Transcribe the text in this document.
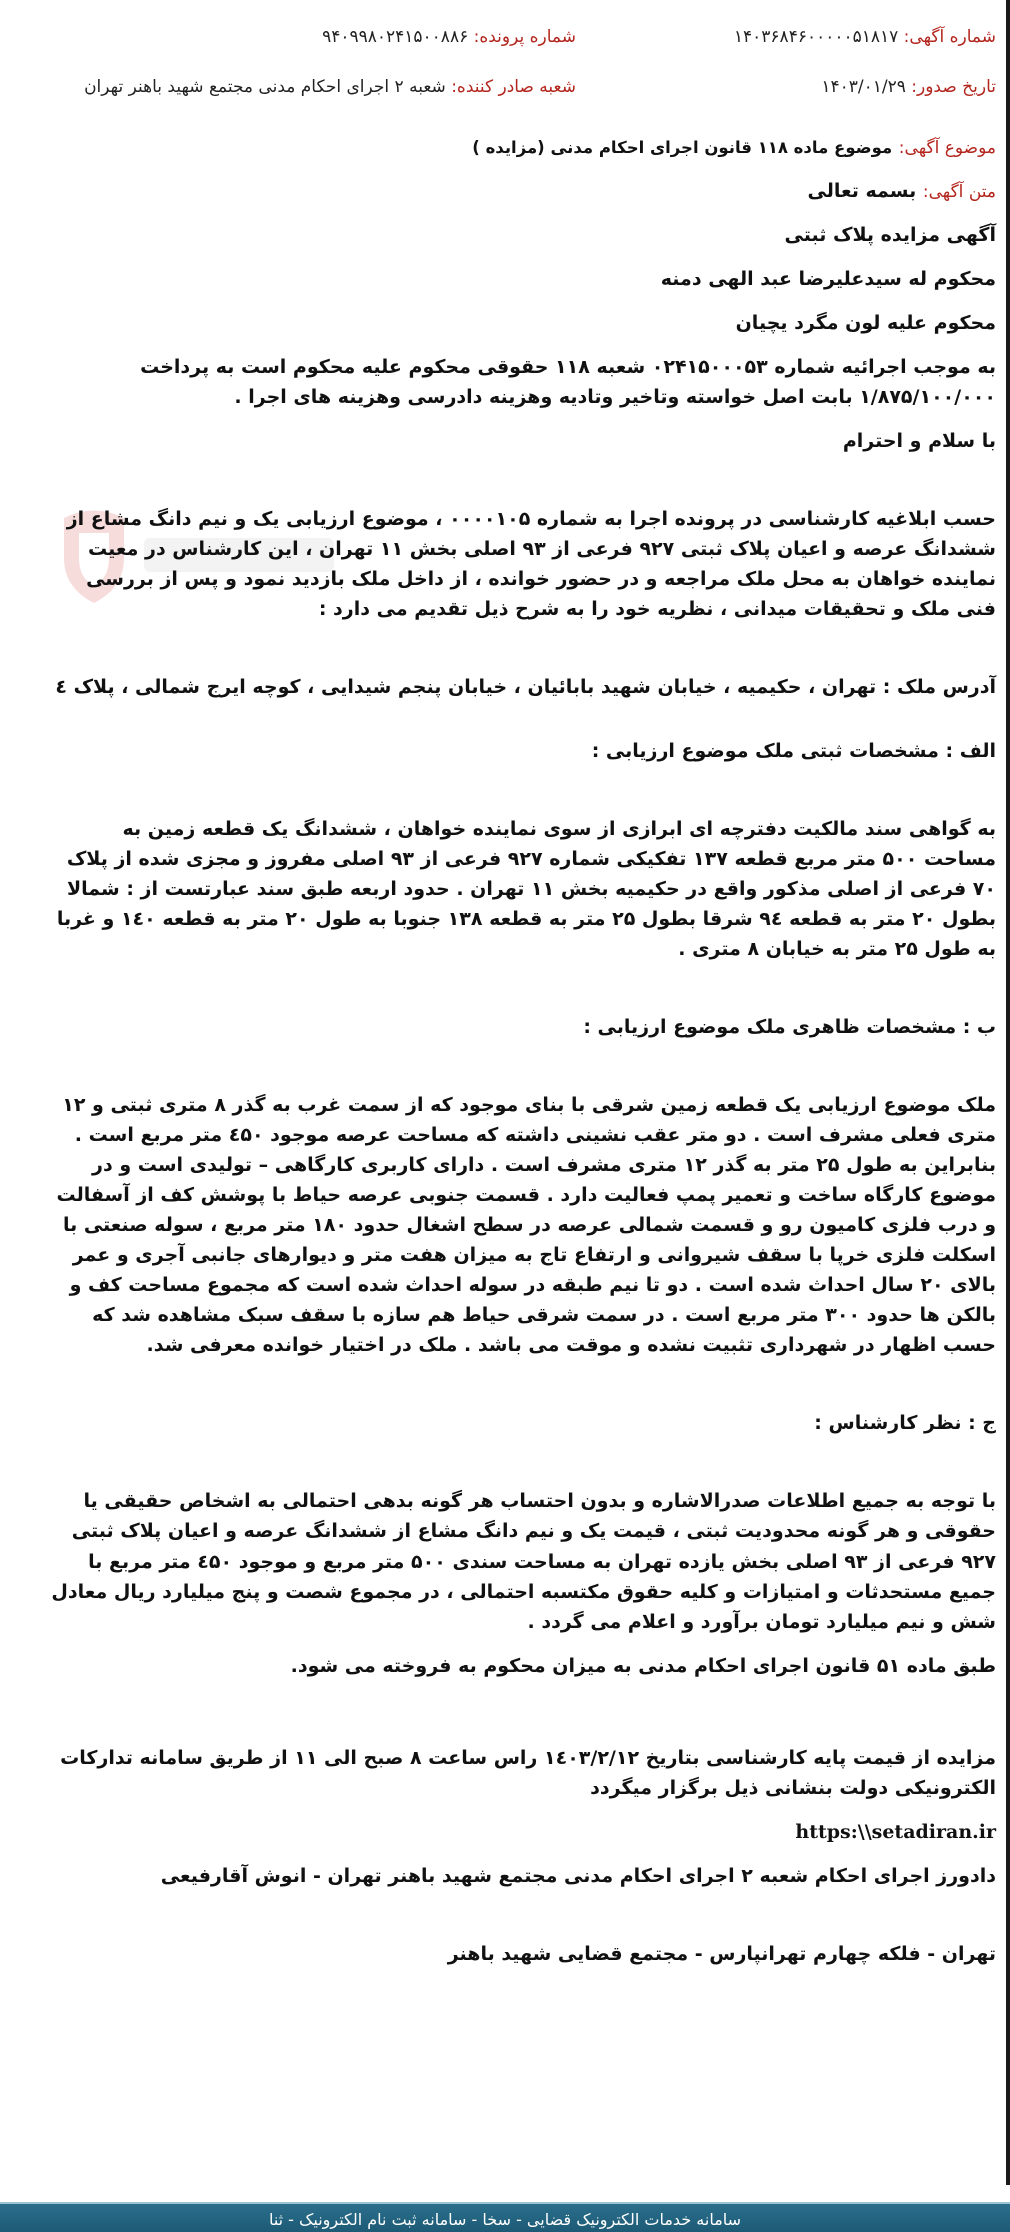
شماره آگهی: ۱۴۰۳۶۸۴۶۰۰۰۰۰۵۱۸۱۷
شماره پرونده: ۹۴۰۹۹۸۰۲۴۱۵۰۰۸۸۶
تاریخ صدور: ۱۴۰۳/۰۱/۲۹
شعبه صادر کننده: شعبه ۲ اجرای احکام مدنی مجتمع شهید باهنر تهران

موضوع آگهی: موضوع ماده ۱۱۸ قانون اجرای احکام مدنی (مزایده )

متن آگهی: بسمه تعالی

آگهی مزایده پلاک ثبتی

محکوم له سیدعلیرضا عبد الهی دمنه

محکوم علیه لون مگرد یچیان

به موجب اجرائیه شماره ۰۲۴۱۵۰۰۰۵۳ شعبه ۱۱۸ حقوقی محکوم علیه محکوم است به پرداخت ۱/۸۷۵/۱۰۰/۰۰۰ بابت اصل خواسته وتاخیر وتادیه وهزینه دادرسی وهزینه های اجرا .

با سلام و احترام

حسب ابلاغیه کارشناسی در پرونده اجرا به شماره ۰۰۰۰۱۰۵ ، موضوع ارزیابی یک و نیم دانگ مشاع از ششدانگ عرصه و اعیان پلاک ثبتی ۹۲۷ فرعی از ۹۳ اصلی بخش ۱۱ تهران ، این کارشناس در معیت نماینده خواهان به محل ملک مراجعه و در حضور خوانده ، از داخل ملک بازدید نمود و پس از بررسی فنی ملک و تحقیقات میدانی ، نظریه خود را به شرح ذیل تقدیم می دارد :

آدرس ملک : تهران ، حکیمیه ، خیابان شهید بابائیان ، خیابان پنجم شیدایی ، کوچه ایرج شمالی ، پلاک ٤

الف : مشخصات ثبتی ملک موضوع ارزیابی :

به گواهی سند مالکیت دفترچه ای ابرازی از سوی نماینده خواهان ، ششدانگ یک قطعه زمین به مساحت ۵۰۰ متر مربع قطعه ۱۳۷ تفکیکی شماره ۹۲۷ فرعی از ۹۳ اصلی مفروز و مجزی شده از پلاک ۷۰ فرعی از اصلی مذکور واقع در حکیمیه بخش ۱۱ تهران . حدود اربعه طبق سند عبارتست از : شمالا بطول ۲۰ متر به قطعه ۹٤ شرقا بطول ۲۵ متر به قطعه ۱۳۸ جنوبا به طول ۲۰ متر به قطعه ۱٤۰ و غربا به طول ۲۵ متر به خیابان ۸ متری .

ب : مشخصات ظاهری ملک موضوع ارزیابی :

ملک موضوع ارزیابی یک قطعه زمین شرقی با بنای موجود که از سمت غرب به گذر ۸ متری ثبتی و ۱۲ متری فعلی مشرف است . دو متر عقب نشینی داشته که مساحت عرصه موجود ٤۵۰ متر مربع است . بنابراین به طول ۲۵ متر به گذر ۱۲ متری مشرف است . دارای کاربری کارگاهی – تولیدی است و در موضوع کارگاه ساخت و تعمیر پمپ فعالیت دارد . قسمت جنوبی عرصه حیاط با پوشش کف از آسفالت و درب فلزی کامیون رو و قسمت شمالی عرصه در سطح اشغال حدود ۱۸۰ متر مربع ، سوله صنعتی با اسکلت فلزی خرپا با سقف شیروانی و ارتفاع تاج به میزان هفت متر و دیوارهای جانبی آجری و عمر بالای ۲۰ سال احداث شده است . دو تا نیم طبقه در سوله احداث شده است که مجموع مساحت کف و بالکن ها حدود ۳۰۰ متر مربع است . در سمت شرقی حیاط هم سازه با سقف سبک مشاهده شد که حسب اظهار در شهرداری تثبیت نشده و موقت می باشد . ملک در اختیار خوانده معرفی شد.

ج : نظر کارشناس :

با توجه به جمیع اطلاعات صدرالاشاره و بدون احتساب هر گونه بدهی احتمالی به اشخاص حقیقی یا حقوقی و هر گونه محدودیت ثبتی ، قیمت یک و نیم دانگ مشاع از ششدانگ عرصه و اعیان پلاک ثبتی ۹۲۷ فرعی از ۹۳ اصلی بخش یازده تهران به مساحت سندی ۵۰۰ متر مربع و موجود ٤۵۰ متر مربع با جمیع مستحدثات و امتیازات و کلیه حقوق مکتسبه احتمالی ، در مجموع شصت و پنج میلیارد ریال معادل شش و نیم میلیارد تومان برآورد و اعلام می گردد .

طبق ماده ۵۱ قانون اجرای احکام مدنی به میزان محکوم به فروخته می شود.

مزایده از قیمت پایه کارشناسی بتاریخ ۱٤۰۳/۲/۱۲ راس ساعت ۸ صبح الی ۱۱ از طریق سامانه تدارکات الکترونیکی دولت بنشانی ذیل برگزار میگردد

https:\\setadiran.ir

دادورز اجرای احکام شعبه ۲ اجرای احکام مدنی مجتمع شهید باهنر تهران - انوش آقارفیعی

تهران - فلکه چهارم تهرانپارس - مجتمع قضایی شهید باهنر

سامانه خدمات الکترونیک قضایی - سخا - سامانه ثبت نام الکترونیک - ثنا
